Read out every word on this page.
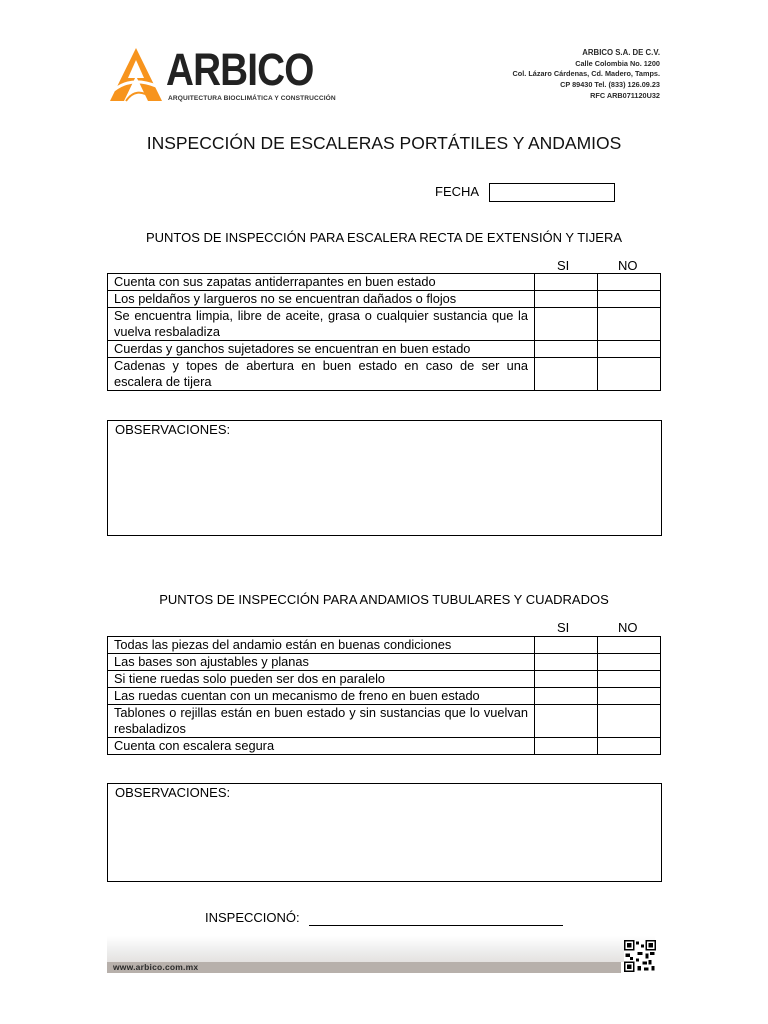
ARBICO
ARQUITECTURA BIOCLIMÁTICA Y CONSTRUCCIÓN
ARBICO S.A. DE C.V.
Calle Colombia No. 1200
Col. Lázaro Cárdenas, Cd. Madero, Tamps.
CP 89430 Tel. (833) 126.09.23
RFC ARB071120U32
INSPECCIÓN DE ESCALERAS PORTÁTILES Y ANDAMIOS
FECHA
PUNTOS DE INSPECCIÓN PARA ESCALERA RECTA DE EXTENSIÓN Y TIJERA
SI	NO
Cuenta con sus zapatas antiderrapantes en buen estado		
Los peldaños y largueros no se encuentran dañados o flojos		
Se encuentra limpia, libre de aceite, grasa o cualquier sustancia que la vuelva resbaladiza		
Cuerdas y ganchos sujetadores se encuentran en buen estado		
Cadenas y topes de abertura en buen estado en caso de ser una escalera de tijera		
OBSERVACIONES:
PUNTOS DE INSPECCIÓN PARA ANDAMIOS TUBULARES Y CUADRADOS
SI	NO
Todas las piezas del andamio están en buenas condiciones		
Las bases son ajustables y planas		
Si tiene ruedas solo pueden ser dos en paralelo		
Las ruedas cuentan con un mecanismo de freno en buen estado		
Tablones o rejillas están en buen estado y sin sustancias que lo vuelvan resbaladizos		
Cuenta con escalera segura		
OBSERVACIONES:
INSPECCIONÓ:
www.arbico.com.mx
